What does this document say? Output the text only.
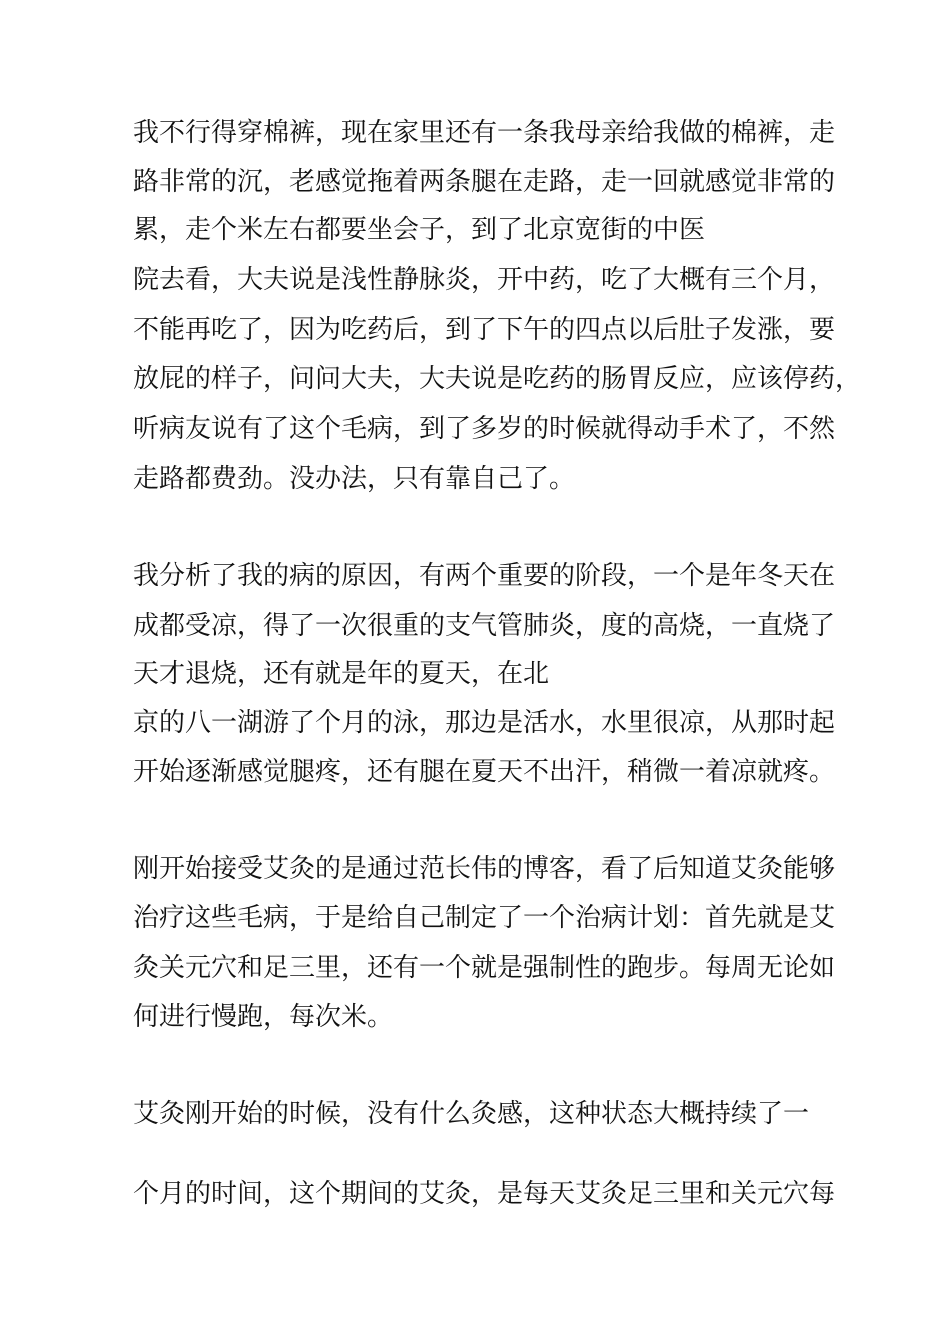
我不行得穿棉裤，现在家里还有一条我母亲给我做的棉裤，走

路非常的沉，老感觉拖着两条腿在走路，走一回就感觉非常的

累，走个米左右都要坐会子，到了北京宽街的中医

院去看，大夫说是浅性静脉炎，开中药，吃了大概有三个月，

不能再吃了，因为吃药后，到了下午的四点以后肚子发涨，要

放屁的样子，问问大夫，大夫说是吃药的肠胃反应，应该停药，

听病友说有了这个毛病，到了多岁的时候就得动手术了，不然

走路都费劲。没办法，只有靠自己了。

我分析了我的病的原因，有两个重要的阶段，一个是年冬天在

成都受凉，得了一次很重的支气管肺炎，度的高烧，一直烧了

天才退烧，还有就是年的夏天，在北

京的八一湖游了个月的泳，那边是活水，水里很凉，从那时起

开始逐渐感觉腿疼，还有腿在夏天不出汗，稍微一着凉就疼。

刚开始接受艾灸的是通过范长伟的博客，看了后知道艾灸能够

治疗这些毛病，于是给自己制定了一个治病计划：首先就是艾

灸关元穴和足三里，还有一个就是强制性的跑步。每周无论如

何进行慢跑，每次米。

艾灸刚开始的时候，没有什么灸感，这种状态大概持续了一

个月的时间，这个期间的艾灸，是每天艾灸足三里和关元穴每
